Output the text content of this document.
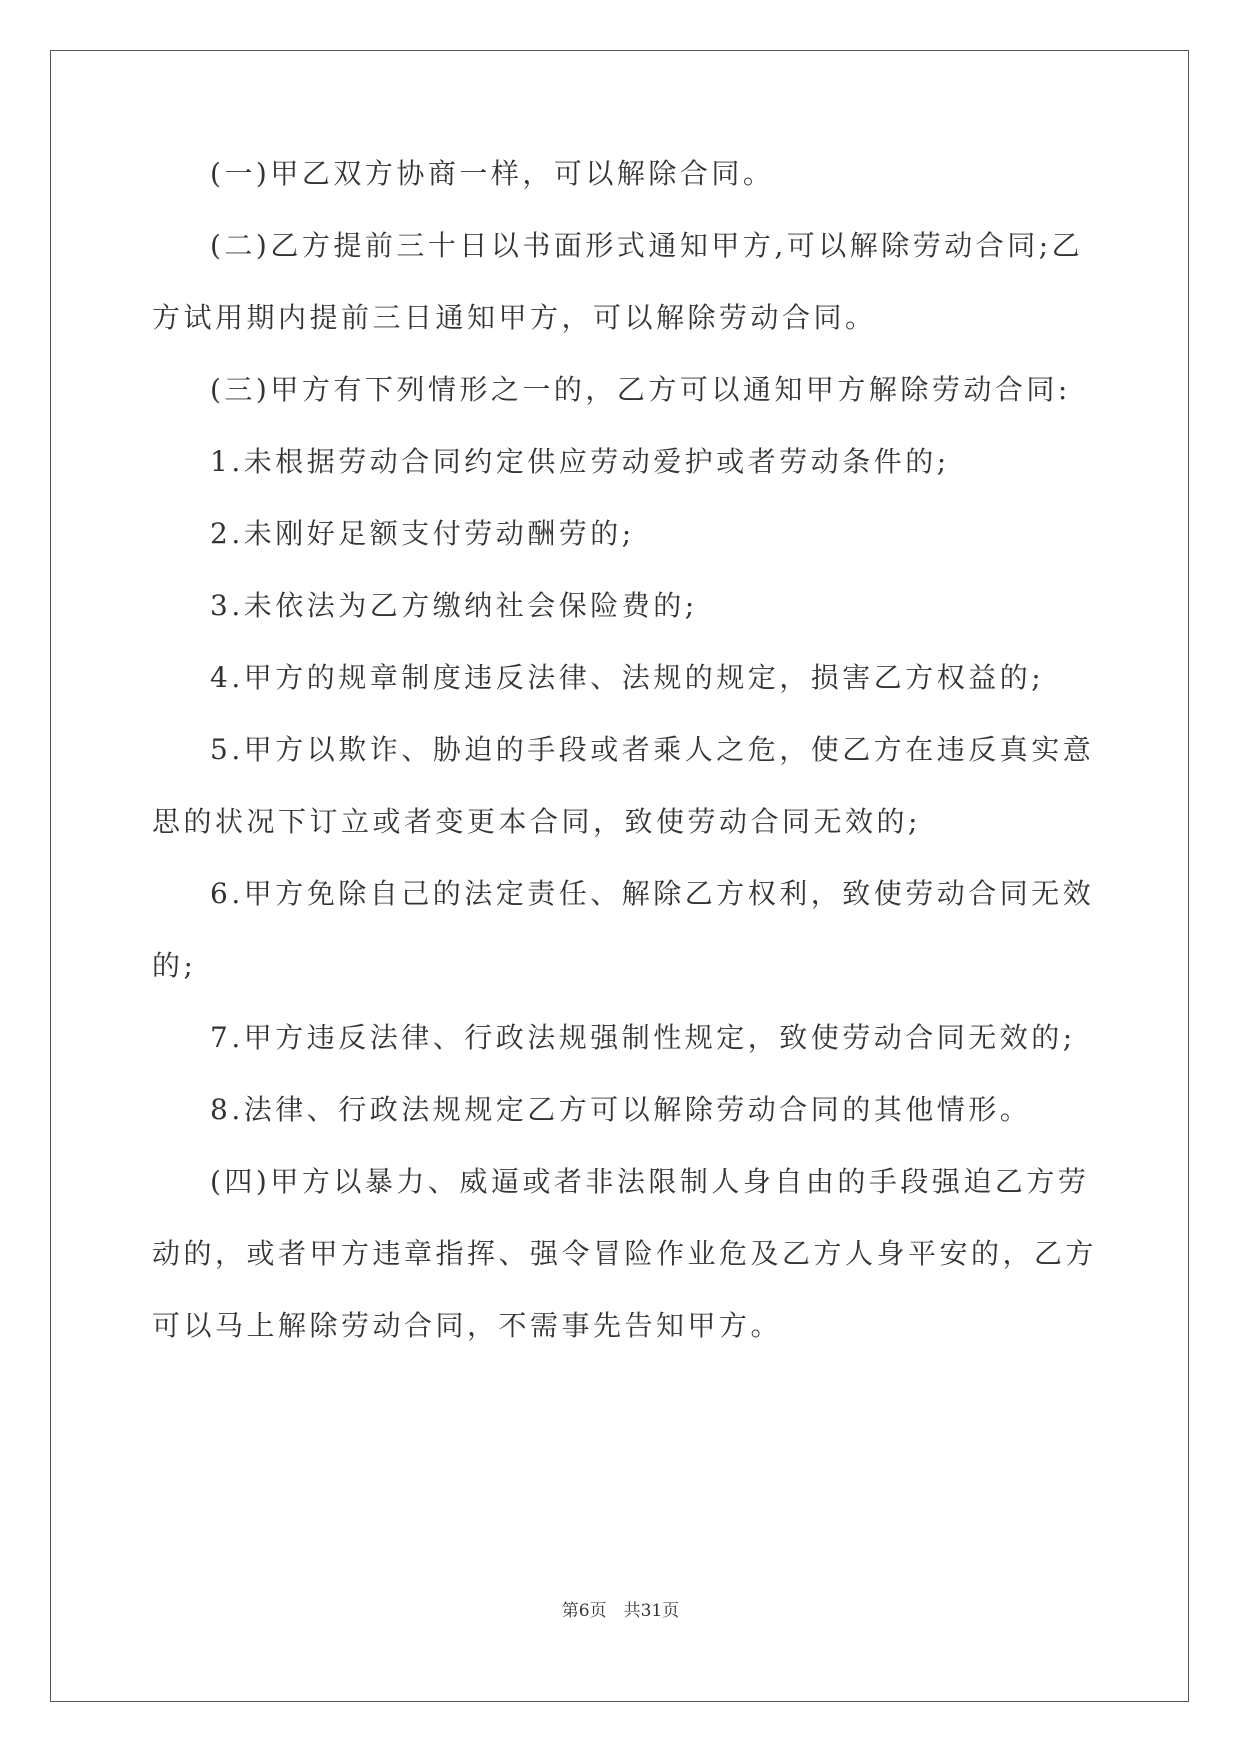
(一)甲乙双方协商一样，可以解除合同。
(二)乙方提前三十日以书面形式通知甲方,可以解除劳动合同;乙
方试用期内提前三日通知甲方，可以解除劳动合同。
(三)甲方有下列情形之一的，乙方可以通知甲方解除劳动合同:
1.未根据劳动合同约定供应劳动爱护或者劳动条件的;
2.未刚好足额支付劳动酬劳的;
3.未依法为乙方缴纳社会保险费的;
4.甲方的规章制度违反法律、法规的规定，损害乙方权益的;
5.甲方以欺诈、胁迫的手段或者乘人之危，使乙方在违反真实意
思的状况下订立或者变更本合同，致使劳动合同无效的;
6.甲方免除自己的法定责任、解除乙方权利，致使劳动合同无效
的;
7.甲方违反法律、行政法规强制性规定，致使劳动合同无效的;
8.法律、行政法规规定乙方可以解除劳动合同的其他情形。
(四)甲方以暴力、威逼或者非法限制人身自由的手段强迫乙方劳
动的，或者甲方违章指挥、强令冒险作业危及乙方人身平安的，乙方
可以马上解除劳动合同，不需事先告知甲方。
第6页　共31页
